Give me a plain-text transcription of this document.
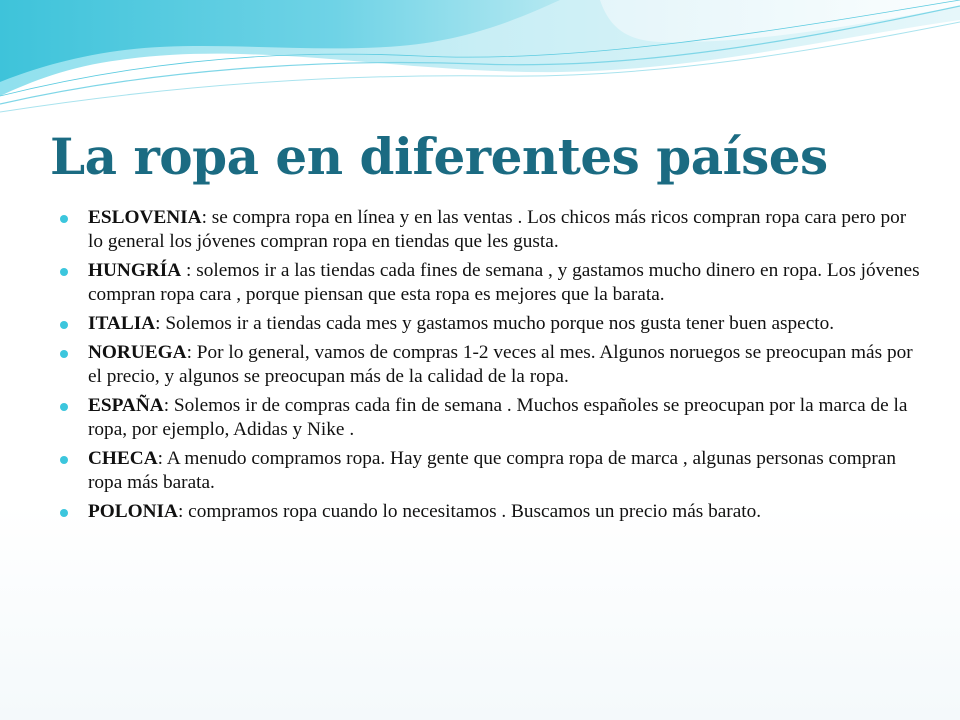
La ropa en diferentes países
ESLOVENIA: se compra ropa en línea y en las ventas . Los chicos más ricos compran ropa cara pero por lo general los jóvenes compran ropa en tiendas que les gusta.
HUNGRÍA : solemos ir a las tiendas cada fines de semana , y gastamos mucho dinero en ropa. Los jóvenes compran ropa cara , porque piensan que esta ropa es mejores que la barata.
ITALIA: Solemos ir a tiendas cada mes y gastamos mucho porque nos gusta tener buen aspecto.
NORUEGA: Por lo general, vamos de compras 1-2 veces al mes. Algunos noruegos se preocupan más por el precio, y algunos se preocupan más de la calidad de la ropa.
ESPAÑA: Solemos ir de compras cada fin de semana . Muchos españoles se preocupan por la marca de la ropa, por ejemplo, Adidas y Nike .
CHECA: A menudo compramos ropa. Hay gente que compra ropa de marca , algunas personas compran ropa más barata.
POLONIA: compramos ropa cuando lo necesitamos . Buscamos un precio más barato.
